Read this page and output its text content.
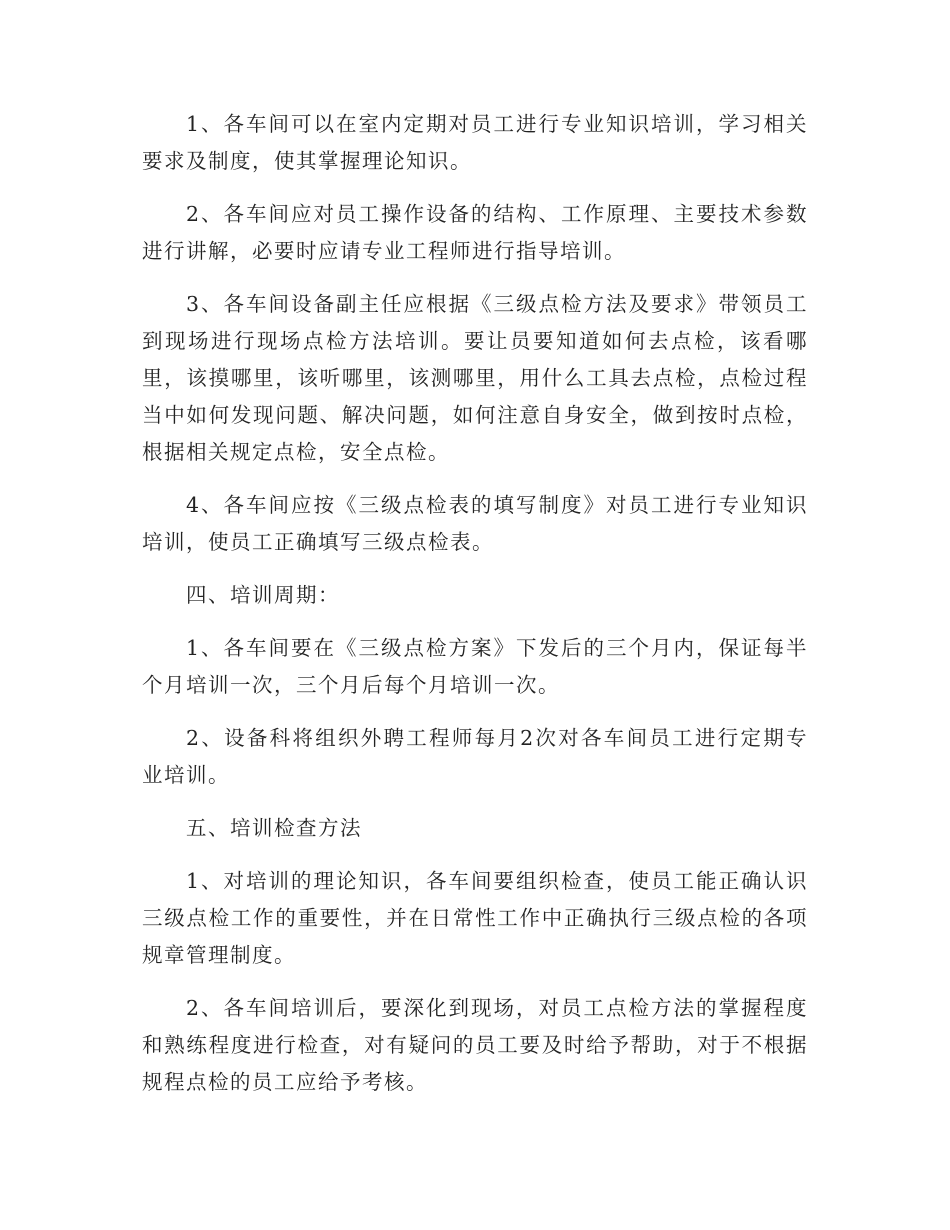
1、各车间可以在室内定期对员工进行专业知识培训，学习相关要求及制度，使其掌握理论知识。

2、各车间应对员工操作设备的结构、工作原理、主要技术参数进行讲解，必要时应请专业工程师进行指导培训。

3、各车间设备副主任应根据《三级点检方法及要求》带领员工到现场进行现场点检方法培训。要让员要知道如何去点检，该看哪里，该摸哪里，该听哪里，该测哪里，用什么工具去点检，点检过程当中如何发现问题、解决问题，如何注意自身安全，做到按时点检，根据相关规定点检，安全点检。

4、各车间应按《三级点检表的填写制度》对员工进行专业知识培训，使员工正确填写三级点检表。

四、培训周期：

1、各车间要在《三级点检方案》下发后的三个月内，保证每半个月培训一次，三个月后每个月培训一次。

2、设备科将组织外聘工程师每月2次对各车间员工进行定期专业培训。

五、培训检查方法

1、对培训的理论知识，各车间要组织检查，使员工能正确认识三级点检工作的重要性，并在日常性工作中正确执行三级点检的各项规章管理制度。

2、各车间培训后，要深化到现场，对员工点检方法的掌握程度和熟练程度进行检查，对有疑问的员工要及时给予帮助，对于不根据规程点检的员工应给予考核。
